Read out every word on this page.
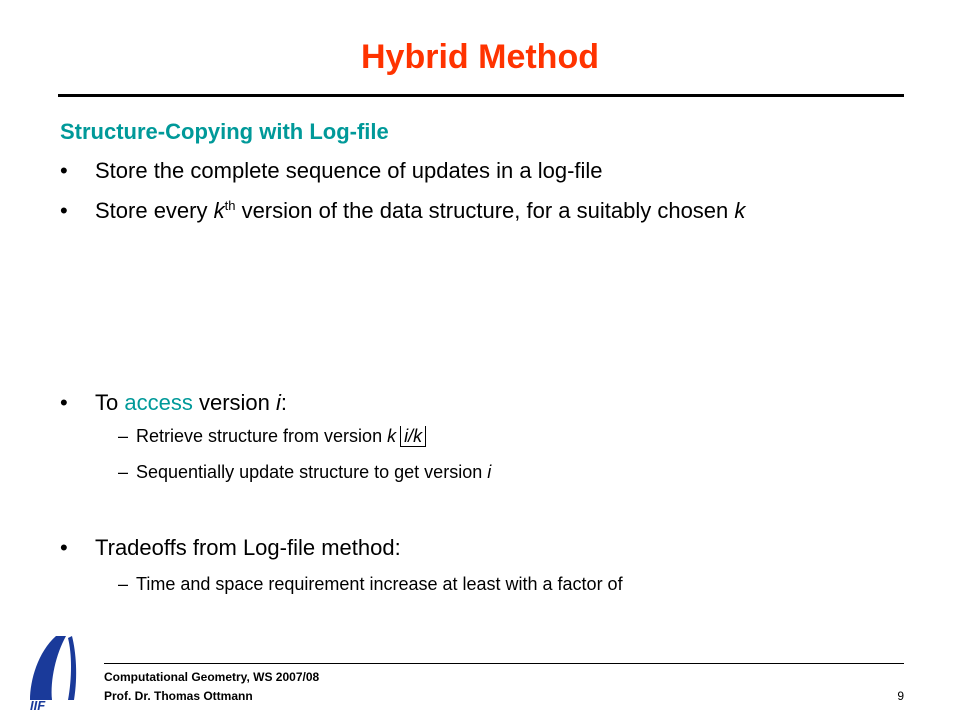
Hybrid Method
Structure-Copying with Log-file
• Store the complete sequence of updates in a log-file
• Store every $k^{th}$ version of the data structure, for a suitably chosen k
• To access version i:
– Retrieve structure from version k i/k
– Sequentially update structure to get version i
• Tradeoffs from Log-file method:
– Time and space requirement increase at least with a factor of
IIF
Computational Geometry, WS 2007/08
Prof. Dr. Thomas Ottmann	9
